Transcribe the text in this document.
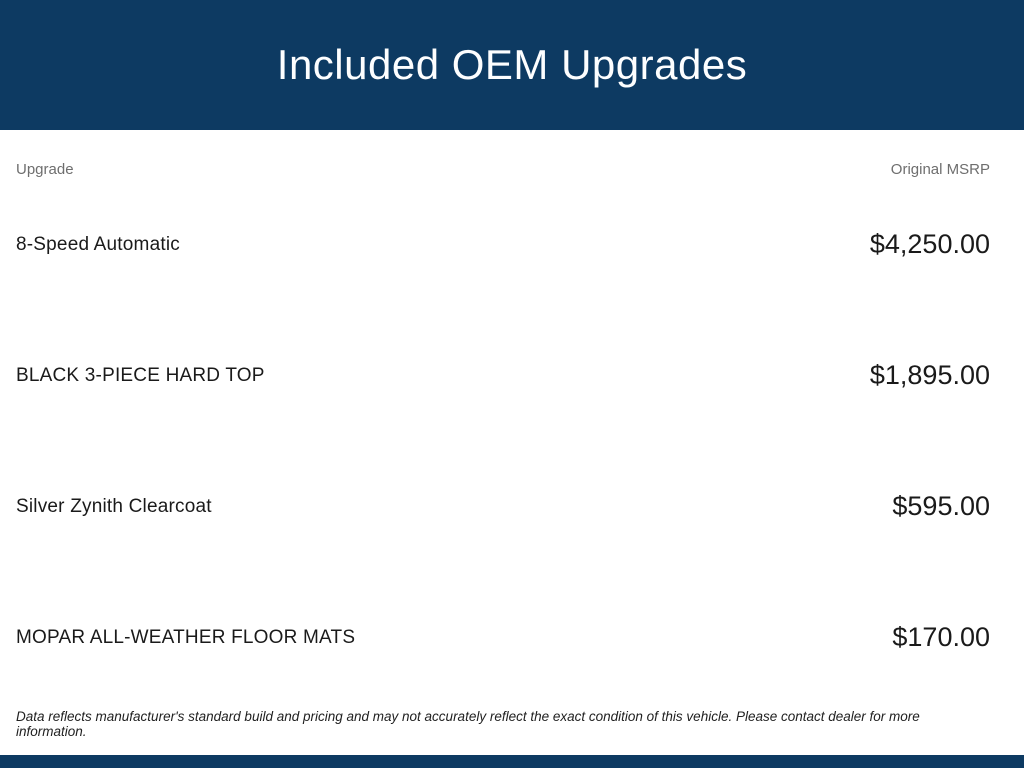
Included OEM Upgrades
Upgrade	Original MSRP
8-Speed Automatic	$4,250.00
BLACK 3-PIECE HARD TOP	$1,895.00
Silver Zynith Clearcoat	$595.00
MOPAR ALL-WEATHER FLOOR MATS	$170.00
Data reflects manufacturer's standard build and pricing and may not accurately reflect the exact condition of this vehicle. Please contact dealer for more information.
